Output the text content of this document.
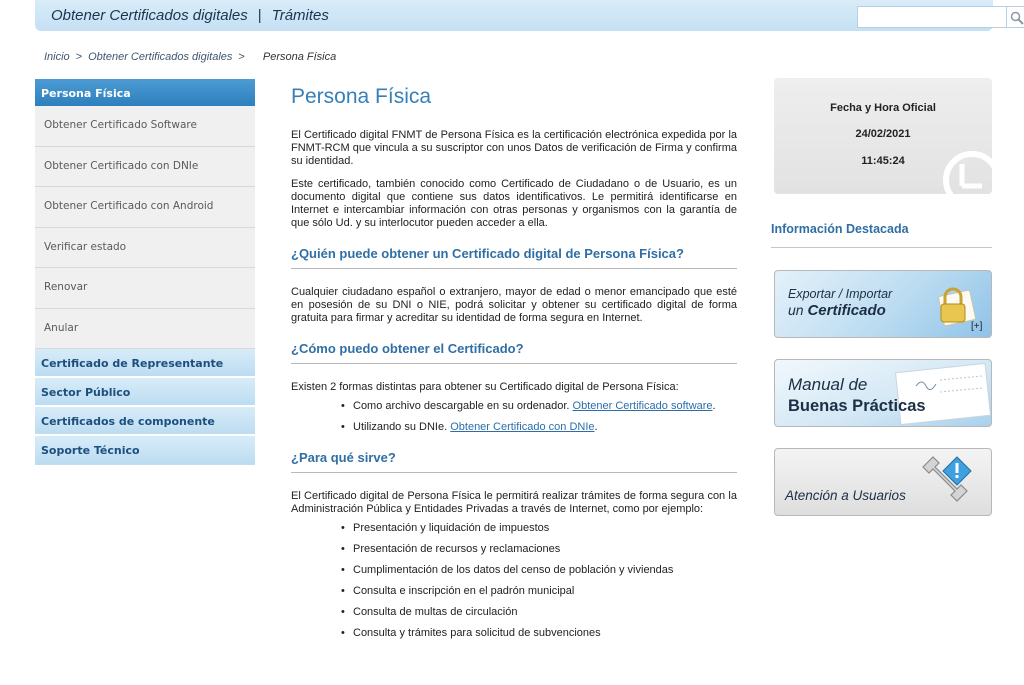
Obtener Certificados digitales | Trámites
Inicio > Obtener Certificados digitales > Persona Física
Persona Física
Obtener Certificado Software
Obtener Certificado con DNIe
Obtener Certificado con Android
Verificar estado
Renovar
Anular
Certificado de Representante
Sector Público
Certificados de componente
Soporte Técnico
Persona Física

El Certificado digital FNMT de Persona Física es la certificación electrónica expedida por la FNMT-RCM que vincula a su suscriptor con unos Datos de verificación de Firma y confirma su identidad.

Este certificado, también conocido como Certificado de Ciudadano o de Usuario, es un documento digital que contiene sus datos identificativos. Le permitirá identificarse en Internet e intercambiar información con otras personas y organismos con la garantía de que sólo Ud. y su interlocutor pueden acceder a ella.

¿Quién puede obtener un Certificado digital de Persona Física?

Cualquier ciudadano español o extranjero, mayor de edad o menor emancipado que esté en posesión de su DNI o NIE, podrá solicitar y obtener su certificado digital de forma gratuita para firmar y acreditar su identidad de forma segura en Internet.

¿Cómo puedo obtener el Certificado?

Existen 2 formas distintas para obtener su Certificado digital de Persona Física:

• Como archivo descargable en su ordenador. Obtener Certificado software.
• Utilizando su DNIe. Obtener Certificado con DNIe.
¿Para qué sirve?

El Certificado digital de Persona Física le permitirá realizar trámites de forma segura con la Administración Pública y Entidades Privadas a través de Internet, como por ejemplo:

• Presentación y liquidación de impuestos
• Presentación de recursos y reclamaciones
• Cumplimentación de los datos del censo de población y viviendas
• Consulta e inscripción en el padrón municipal
• Consulta de multas de circulación
• Consulta y trámites para solicitud de subvenciones
Fecha y Hora Oficial
24/02/2021
11:45:24
Información Destacada
Exportar / Importar
un Certificado
[+]
Manual de
Buenas Prácticas
Atención a Usuarios
